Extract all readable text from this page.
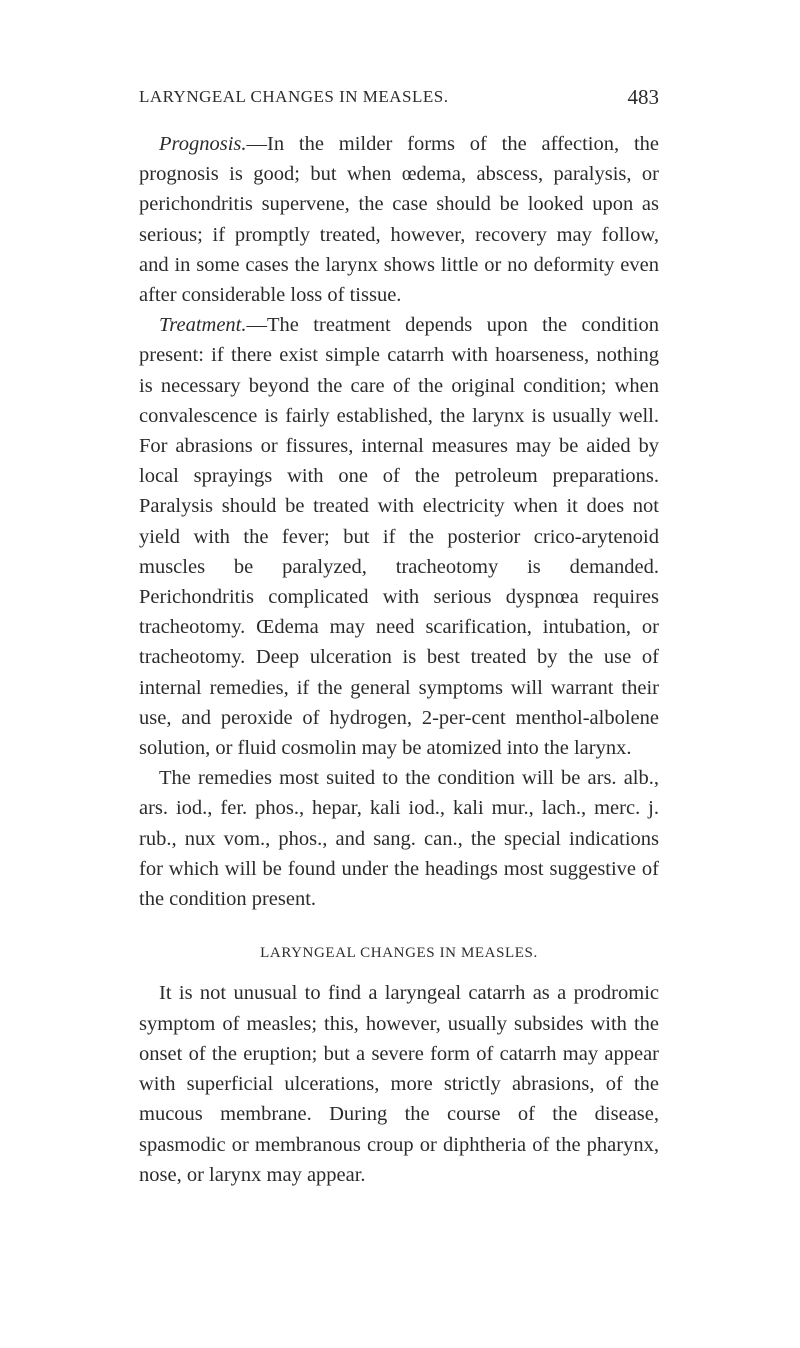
LARYNGEAL CHANGES IN MEASLES.	483

Prognosis.—In the milder forms of the affection, the prognosis is good; but when œdema, abscess, paralysis, or perichondritis supervene, the case should be looked upon as serious; if promptly treated, however, recovery may follow, and in some cases the larynx shows little or no deformity even after considerable loss of tissue.

Treatment.—The treatment depends upon the condition present: if there exist simple catarrh with hoarseness, nothing is necessary beyond the care of the original condition; when convalescence is fairly established, the larynx is usually well. For abrasions or fissures, internal measures may be aided by local sprayings with one of the petroleum preparations. Paralysis should be treated with electricity when it does not yield with the fever; but if the posterior crico-arytenoid muscles be paralyzed, tracheotomy is demanded. Perichondritis complicated with serious dyspnœa requires tracheotomy. Œdema may need scarification, intubation, or tracheotomy. Deep ulceration is best treated by the use of internal remedies, if the general symptoms will warrant their use, and peroxide of hydrogen, 2-per-cent menthol-albolene solution, or fluid cosmolin may be atomized into the larynx.

The remedies most suited to the condition will be ars. alb., ars. iod., fer. phos., hepar, kali iod., kali mur., lach., merc. j. rub., nux vom., phos., and sang. can., the special indications for which will be found under the headings most suggestive of the condition present.

LARYNGEAL CHANGES IN MEASLES.

It is not unusual to find a laryngeal catarrh as a prodromic symptom of measles; this, however, usually subsides with the onset of the eruption; but a severe form of catarrh may appear with superficial ulcerations, more strictly abrasions, of the mucous membrane. During the course of the disease, spasmodic or membranous croup or diphtheria of the pharynx, nose, or larynx may appear.
